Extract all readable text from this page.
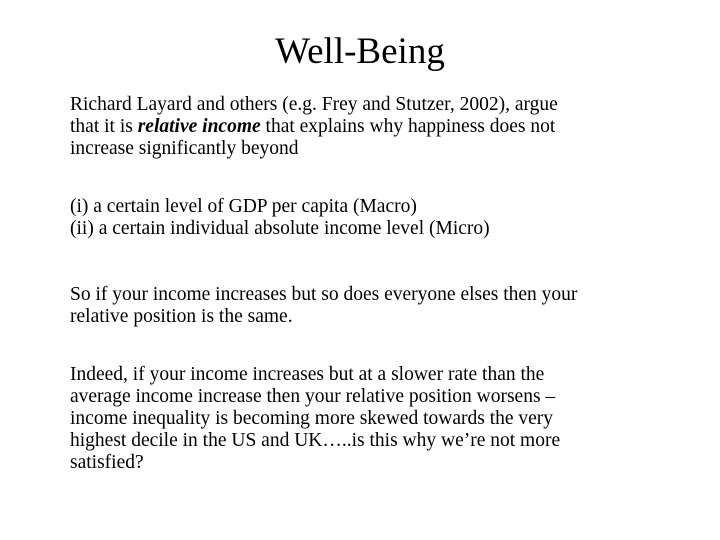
Well-Being
Richard Layard and others (e.g. Frey and Stutzer, 2002), argue
that it is relative income that explains why happiness does not
increase significantly beyond
(i) a certain level of GDP per capita (Macro)
(ii) a certain individual absolute income level (Micro)
So if your income increases but so does everyone elses then your
relative position is the same.
Indeed, if your income increases but at a slower rate than the
average income increase then your relative position worsens –
income inequality is becoming more skewed towards the very
highest decile in the US and UK…..is this why we’re not more
satisfied?
